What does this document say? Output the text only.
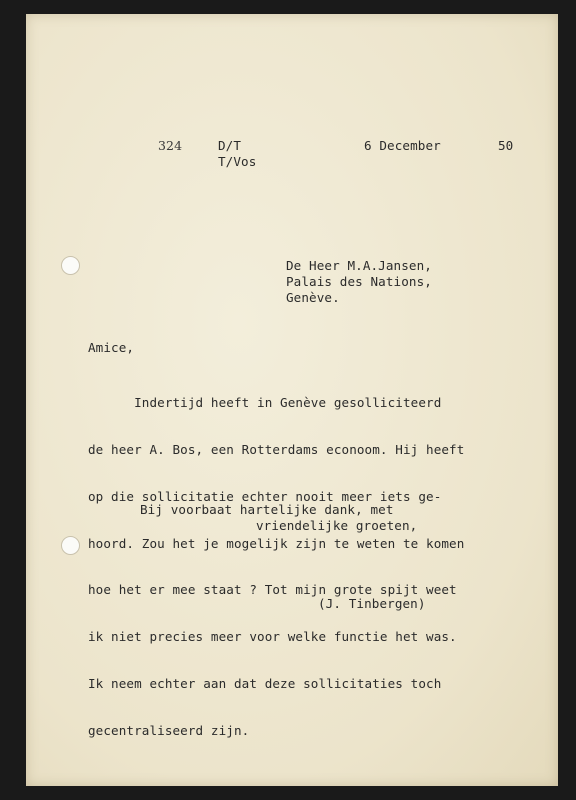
324	D/T
T/Vos
6 December	50
De Heer M.A.Jansen,
Palais des Nations,
Genève.
Amice,

Indertijd heeft in Genève gesolliciteerd

de heer A. Bos, een Rotterdams econoom. Hij heeft

op die sollicitatie echter nooit meer iets ge-

hoord. Zou het je mogelijk zijn te weten te komen

hoe het er mee staat ? Tot mijn grote spijt weet

ik niet precies meer voor welke functie het was.

Ik neem echter aan dat deze sollicitaties toch

gecentraliseerd zijn.

Bij voorbaat hartelijke dank, met
vriendelijke groeten,
(J. Tinbergen)
